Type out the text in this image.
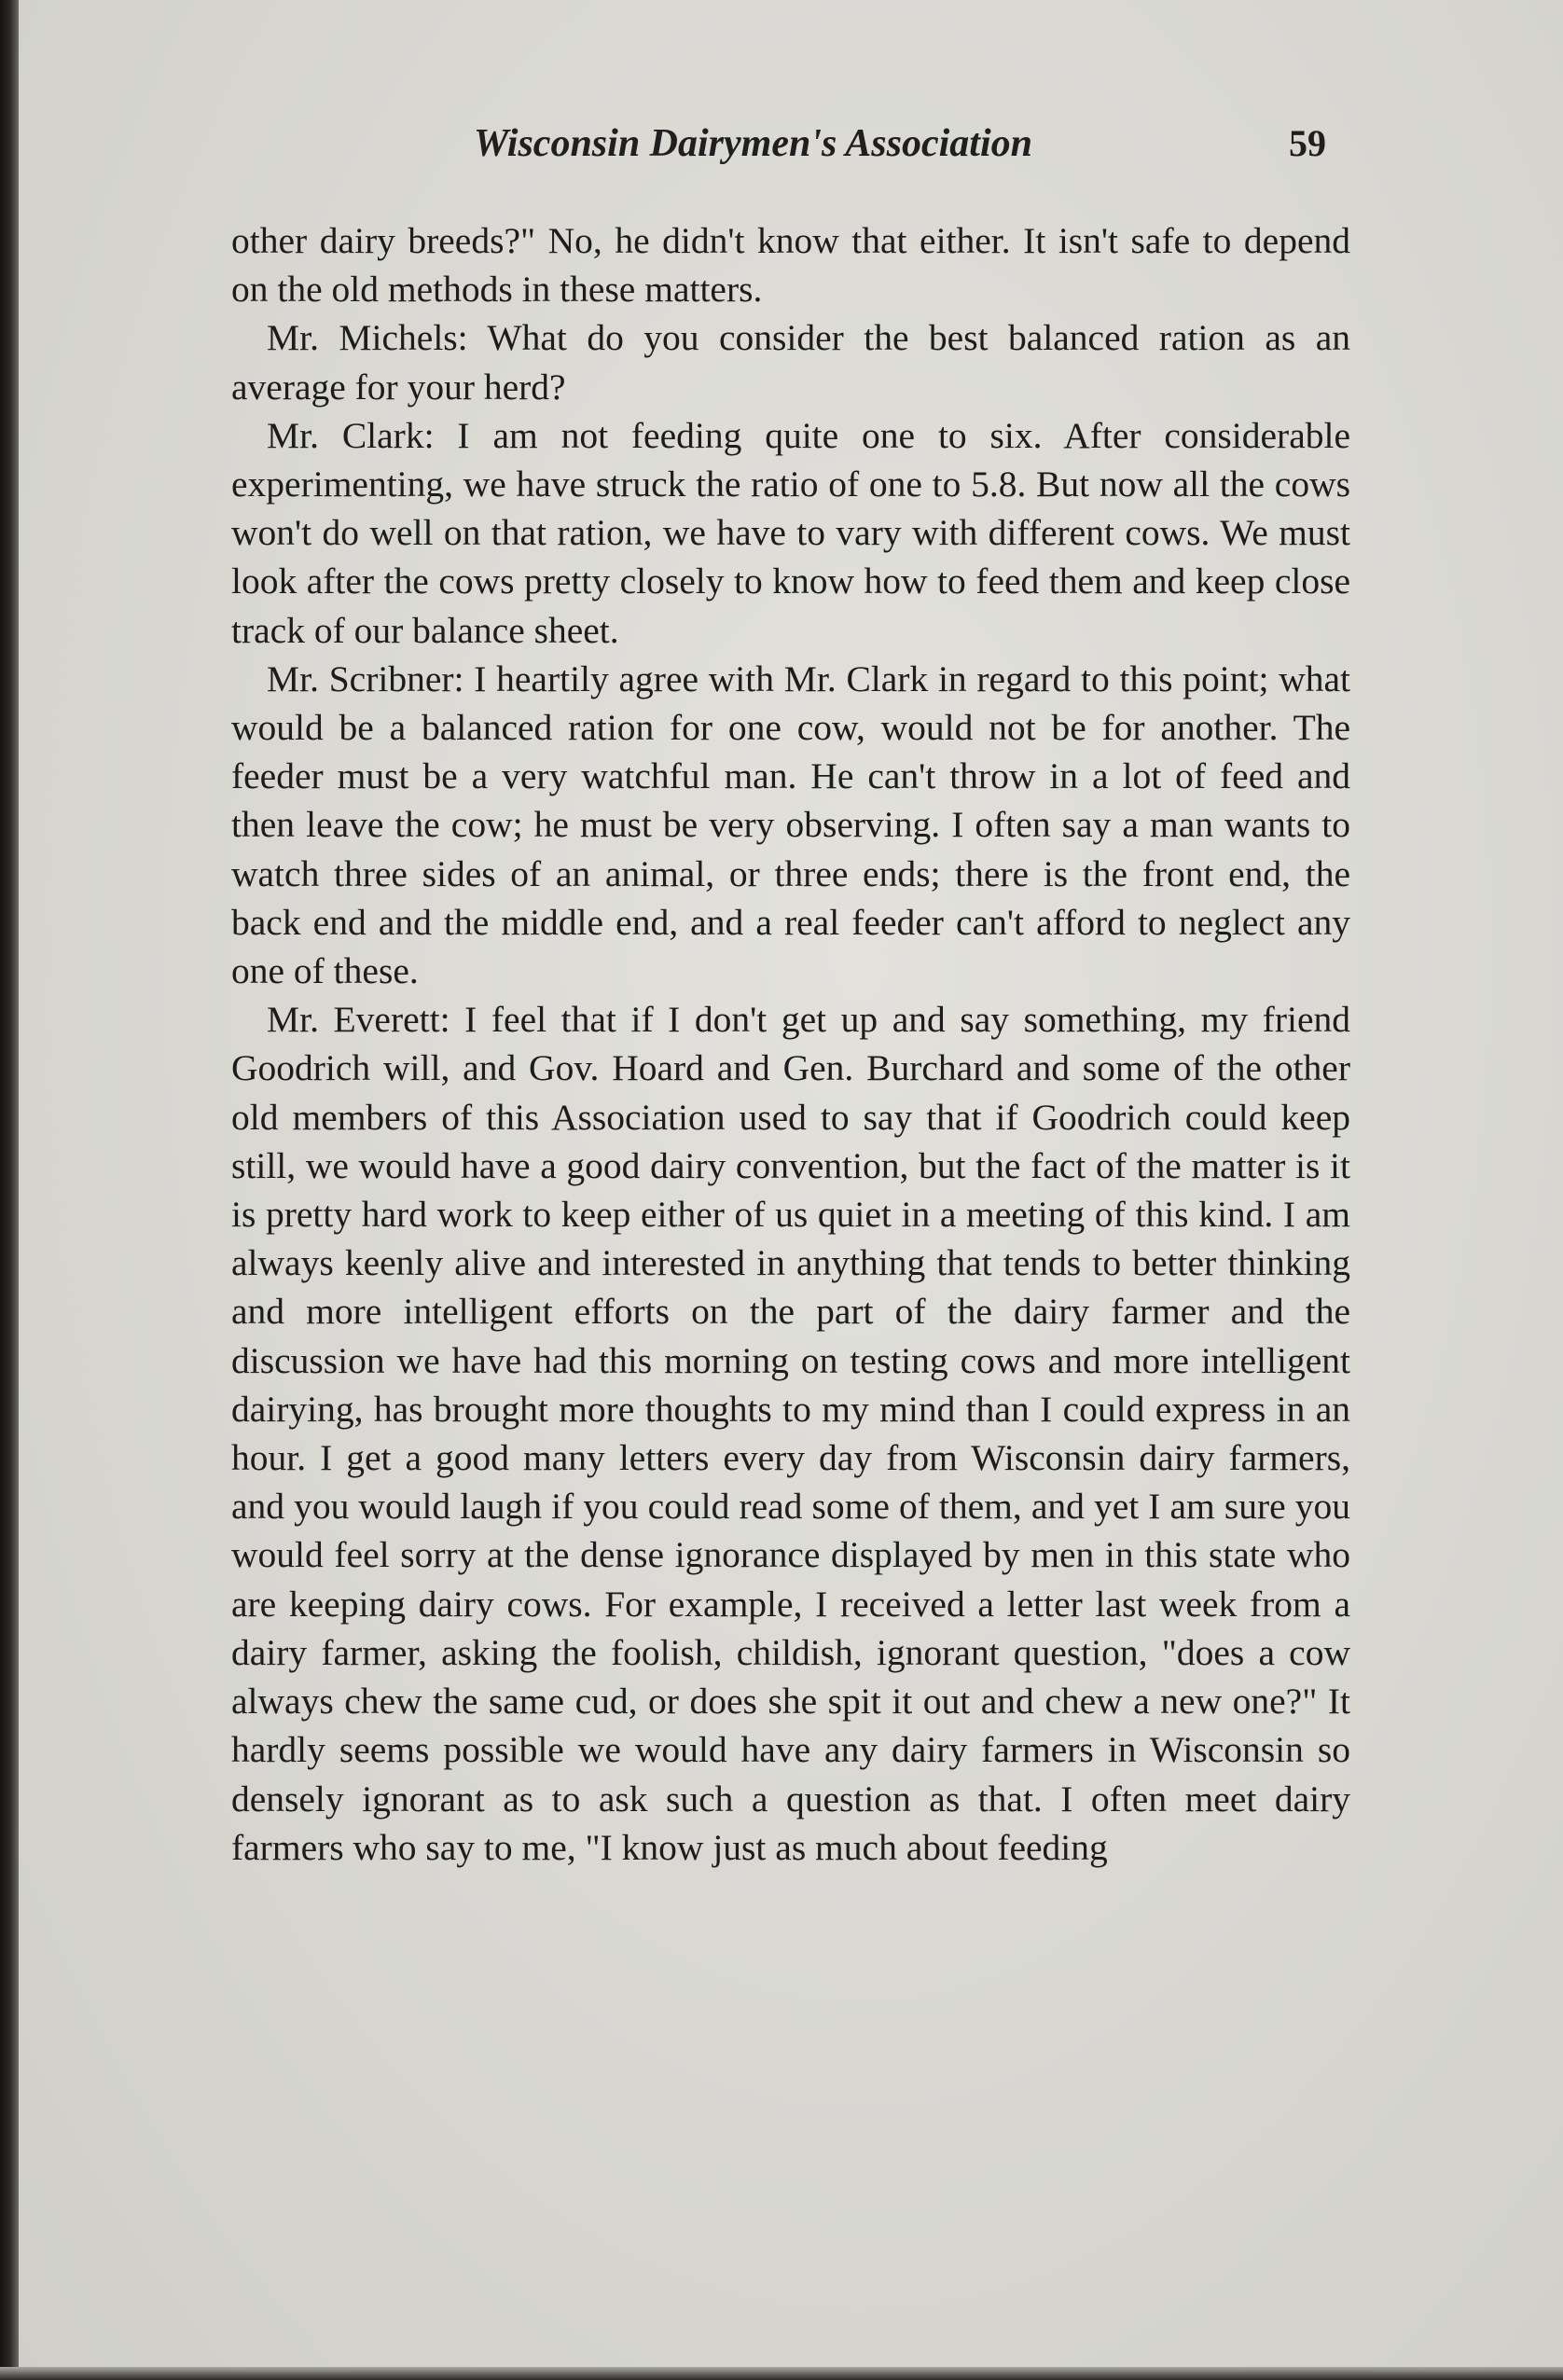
Wisconsin Dairymen's Association	59

other dairy breeds?" No, he didn't know that either. It isn't safe to depend on the old methods in these matters.

Mr. Michels: What do you consider the best balanced ration as an average for your herd?

Mr. Clark: I am not feeding quite one to six. After considerable experimenting, we have struck the ratio of one to 5.8. But now all the cows won't do well on that ration, we have to vary with different cows. We must look after the cows pretty closely to know how to feed them and keep close track of our balance sheet.

Mr. Scribner: I heartily agree with Mr. Clark in regard to this point; what would be a balanced ration for one cow, would not be for another. The feeder must be a very watchful man. He can't throw in a lot of feed and then leave the cow; he must be very observing. I often say a man wants to watch three sides of an animal, or three ends; there is the front end, the back end and the middle end, and a real feeder can't afford to neglect any one of these.

Mr. Everett: I feel that if I don't get up and say something, my friend Goodrich will, and Gov. Hoard and Gen. Burchard and some of the other old members of this Association used to say that if Goodrich could keep still, we would have a good dairy convention, but the fact of the matter is it is pretty hard work to keep either of us quiet in a meeting of this kind. I am always keenly alive and interested in anything that tends to better thinking and more intelligent efforts on the part of the dairy farmer and the discussion we have had this morning on testing cows and more intelligent dairying, has brought more thoughts to my mind than I could express in an hour. I get a good many letters every day from Wisconsin dairy farmers, and you would laugh if you could read some of them, and yet I am sure you would feel sorry at the dense ignorance displayed by men in this state who are keeping dairy cows. For example, I received a letter last week from a dairy farmer, asking the foolish, childish, ignorant question, "does a cow always chew the same cud, or does she spit it out and chew a new one?" It hardly seems possible we would have any dairy farmers in Wisconsin so densely ignorant as to ask such a question as that. I often meet dairy farmers who say to me, "I know just as much about feeding
